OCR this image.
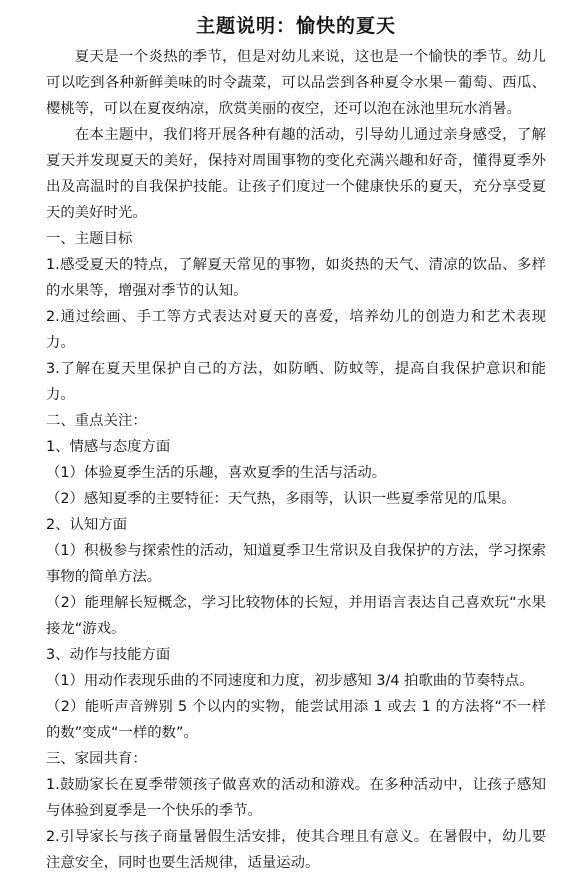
主题说明：愉快的夏天

夏天是一个炎热的季节，但是对幼儿来说，这也是一个愉快的季节。幼儿可以吃到各种新鲜美味的时令蔬菜，可以品尝到各种夏令水果－葡萄、西瓜、樱桃等，可以在夏夜纳凉，欣赏美丽的夜空，还可以泡在泳池里玩水消暑。

在本主题中，我们将开展各种有趣的活动，引导幼儿通过亲身感受，了解夏天并发现夏天的美好，保持对周围事物的变化充满兴趣和好奇，懂得夏季外出及高温时的自我保护技能。让孩子们度过一个健康快乐的夏天，充分享受夏天的美好时光。

一、主题目标

1.感受夏天的特点，了解夏天常见的事物，如炎热的天气、清凉的饮品、多样的水果等，增强对季节的认知。

2.通过绘画、手工等方式表达对夏天的喜爱，培养幼儿的创造力和艺术表现力。

3.了解在夏天里保护自己的方法，如防晒、防蚊等，提高自我保护意识和能力。

二、重点关注：

1、情感与态度方面

（1）体验夏季生活的乐趣，喜欢夏季的生活与活动。

（2）感知夏季的主要特征：天气热，多雨等，认识一些夏季常见的瓜果。

2、认知方面

（1）积极参与探索性的活动，知道夏季卫生常识及自我保护的方法，学习探索事物的简单方法。

（2）能理解长短概念，学习比较物体的长短，并用语言表达自己喜欢玩“水果接龙“游戏。

3、动作与技能方面

（1）用动作表现乐曲的不同速度和力度，初步感知 3/4 拍歌曲的节奏特点。

（2）能听声音辨别 5 个以内的实物，能尝试用添 1 或去 1 的方法将“不一样的数”变成“一样的数”。

三、家园共育：

1.鼓励家长在夏季带领孩子做喜欢的活动和游戏。在多种活动中，让孩子感知与体验到夏季是一个快乐的季节。

2.引导家长与孩子商量暑假生活安排，使其合理且有意义。在暑假中，幼儿要注意安全，同时也要生活规律，适量运动。
